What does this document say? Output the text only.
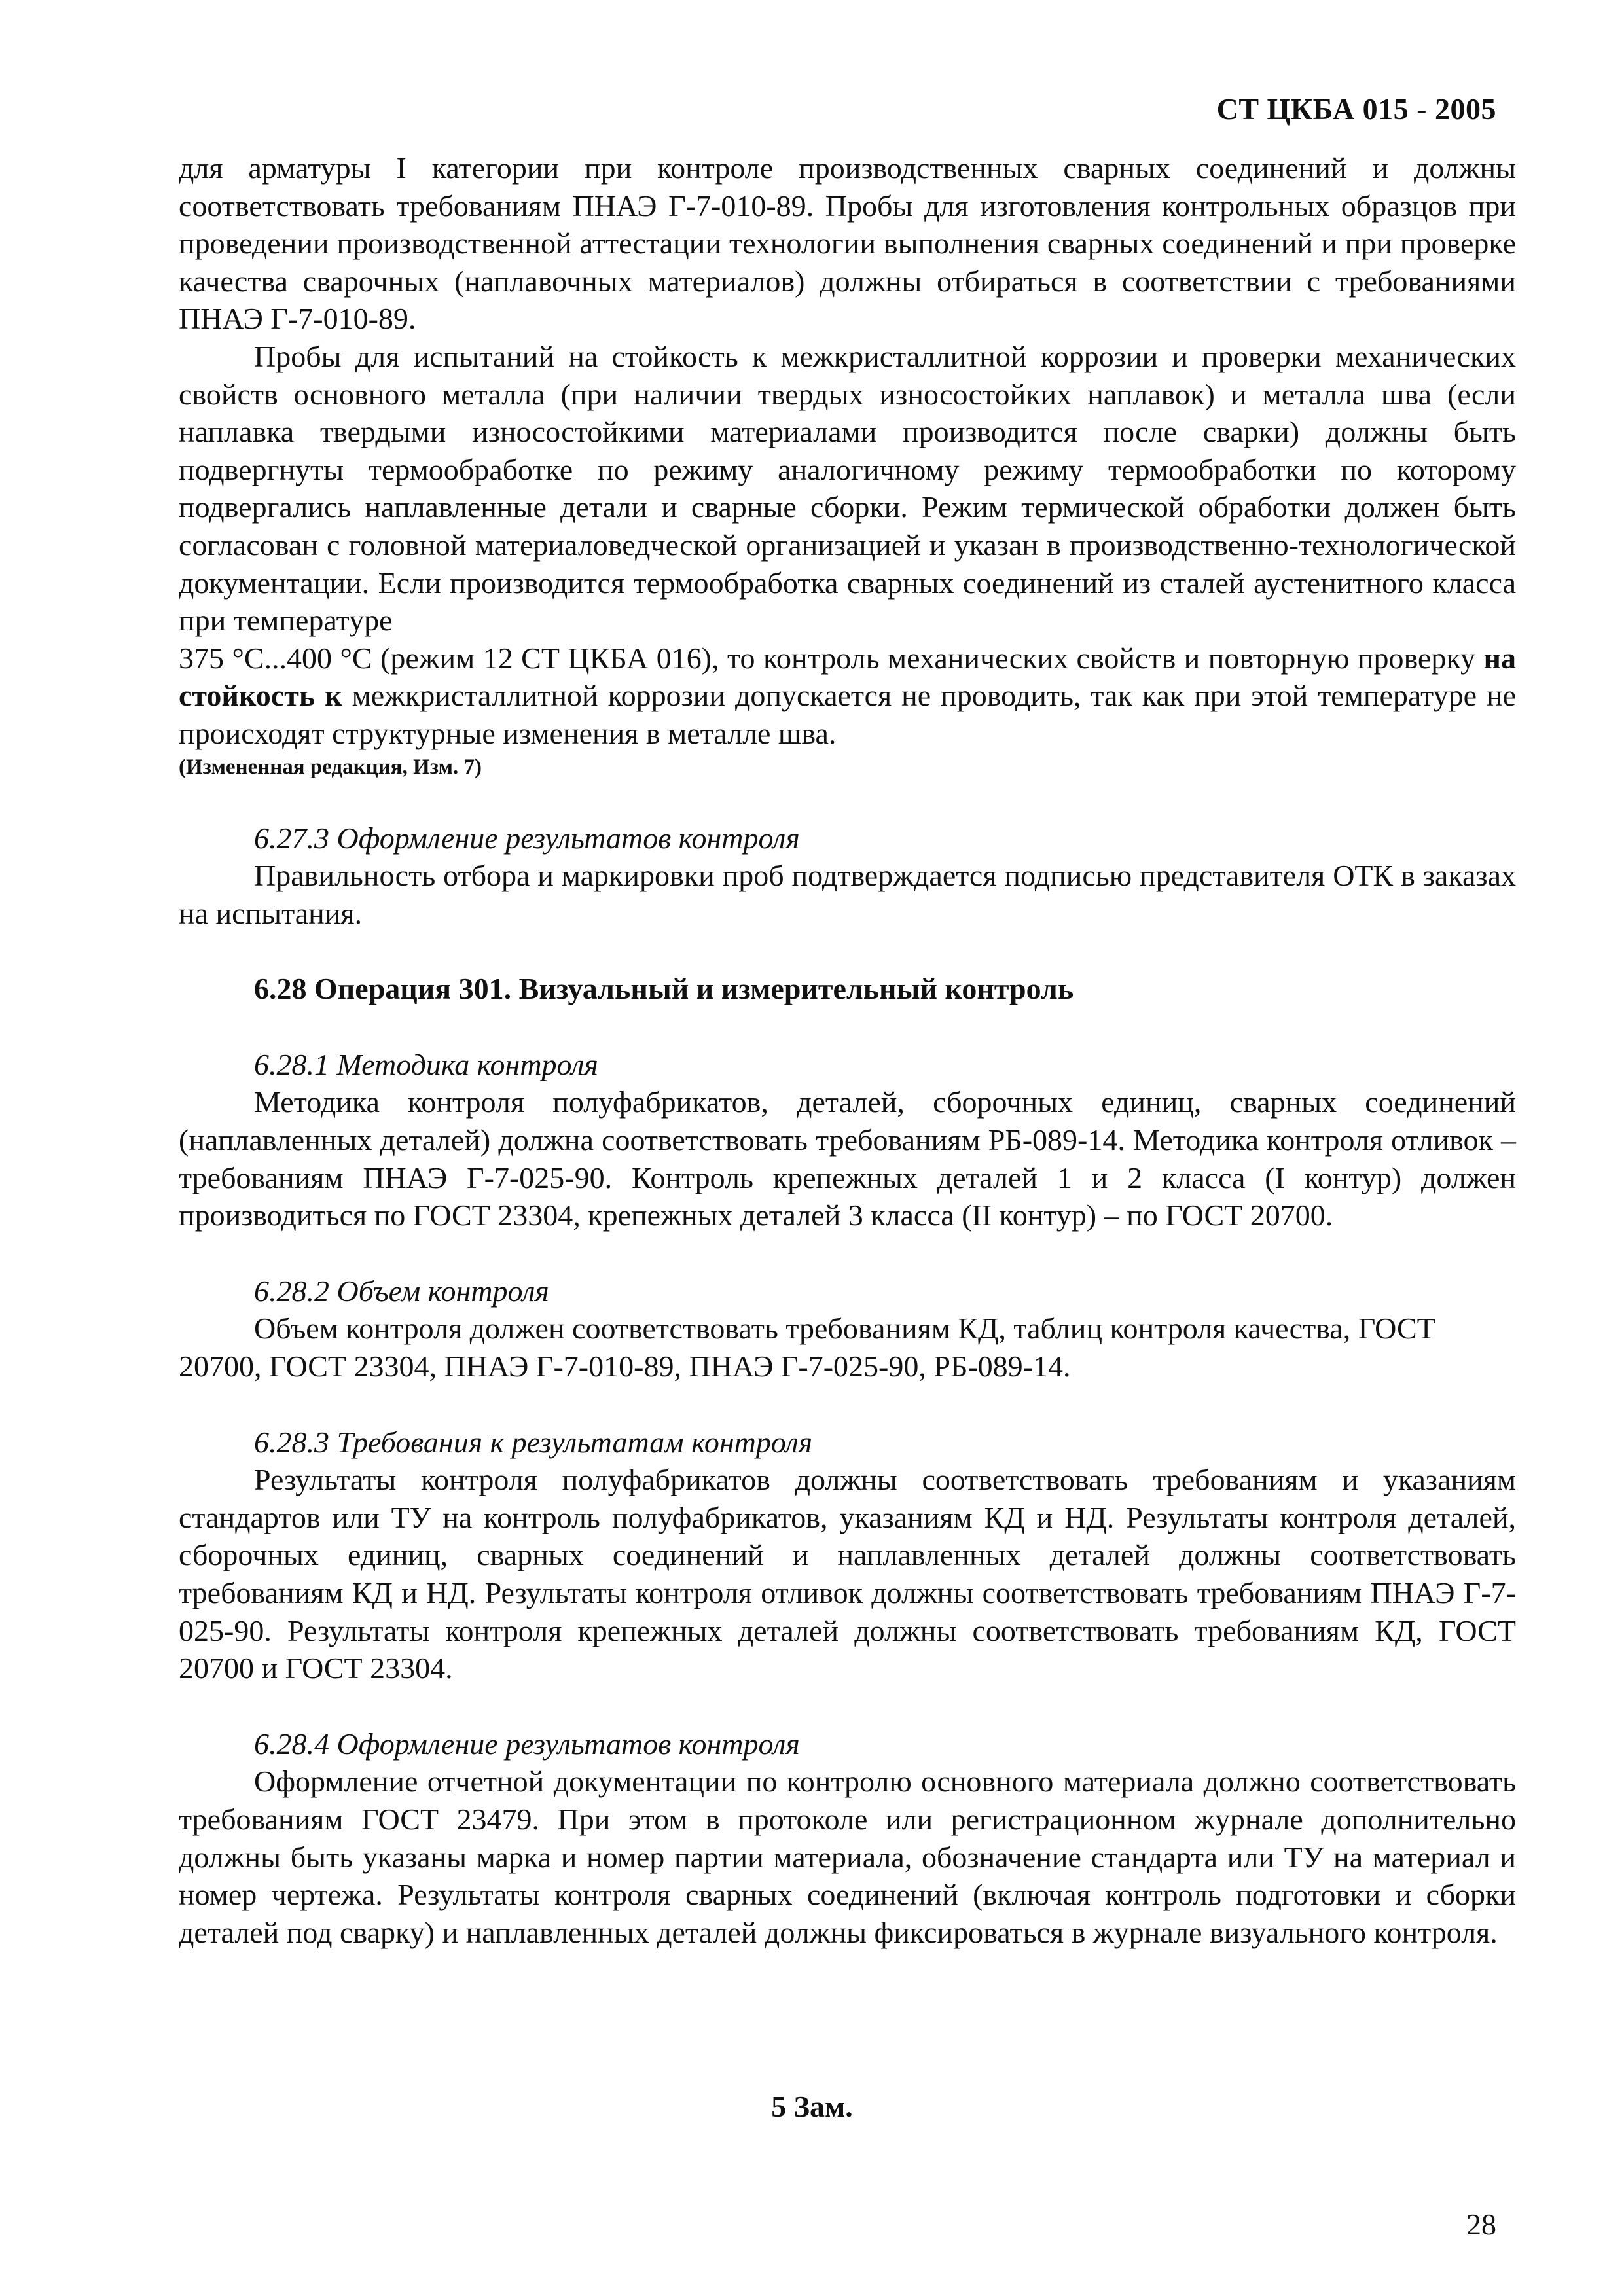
СТ ЦКБА 015 - 2005

для арматуры I категории при контроле производственных сварных соединений и должны соответствовать требованиям ПНАЭ Г-7-010-89. Пробы для изготовления контрольных образцов при проведении производственной аттестации технологии выполнения сварных соединений и при проверке качества сварочных (наплавочных материалов) должны отбираться в соответствии с требованиями ПНАЭ Г-7-010-89.

Пробы для испытаний на стойкость к межкристаллитной коррозии и проверки механических свойств основного металла (при наличии твердых износостойких наплавок) и металла шва (если наплавка твердыми износостойкими материалами производится после сварки) должны быть подвергнуты термообработке по режиму аналогичному режиму термообработки по которому подвергались наплавленные детали и сварные сборки. Режим термической обработки должен быть согласован с головной материаловедческой организацией и указан в производственно-технологической документации. Если производится термообработка сварных соединений из сталей аустенитного класса при температуре

375 °С...400 °С (режим 12 СТ ЦКБА 016), то контроль механических свойств и повторную проверку на стойкость к межкристаллитной коррозии допускается не проводить, так как при этой температуре не происходят структурные изменения в металле шва.

(Измененная редакция, Изм. 7)

6.27.3 Оформление результатов контроля

Правильность отбора и маркировки проб подтверждается подписью представителя ОТК в заказах на испытания.

6.28 Операция 301. Визуальный и измерительный контроль

6.28.1 Методика контроля

Методика контроля полуфабрикатов, деталей, сборочных единиц, сварных соединений (наплавленных деталей) должна соответствовать требованиям РБ-089-14. Методика контроля отливок – требованиям ПНАЭ Г-7-025-90. Контроль крепежных деталей 1 и 2 класса (I контур) должен производиться по ГОСТ 23304, крепежных деталей 3 класса (II контур) – по ГОСТ 20700.

6.28.2 Объем контроля

Объем контроля должен соответствовать требованиям КД, таблиц контроля качества, ГОСТ 20700, ГОСТ 23304, ПНАЭ Г-7-010-89, ПНАЭ Г-7-025-90, РБ-089-14.

6.28.3 Требования к результатам контроля

Результаты контроля полуфабрикатов должны соответствовать требованиям и указаниям стандартов или ТУ на контроль полуфабрикатов, указаниям КД и НД. Результаты контроля деталей, сборочных единиц, сварных соединений и наплавленных деталей должны соответствовать требованиям КД и НД. Результаты контроля отливок должны соответствовать требованиям ПНАЭ Г-7-025-90. Результаты контроля крепежных деталей должны соответствовать требованиям КД, ГОСТ 20700 и ГОСТ 23304.

6.28.4 Оформление результатов контроля

Оформление отчетной документации по контролю основного материала должно соответствовать требованиям ГОСТ 23479. При этом в протоколе или регистрационном журнале дополнительно должны быть указаны марка и номер партии материала, обозначение стандарта или ТУ на материал и номер чертежа. Результаты контроля сварных соединений (включая контроль подготовки и сборки деталей под сварку) и наплавленных деталей должны фиксироваться в журнале визуального контроля.

5 Зам.
28
